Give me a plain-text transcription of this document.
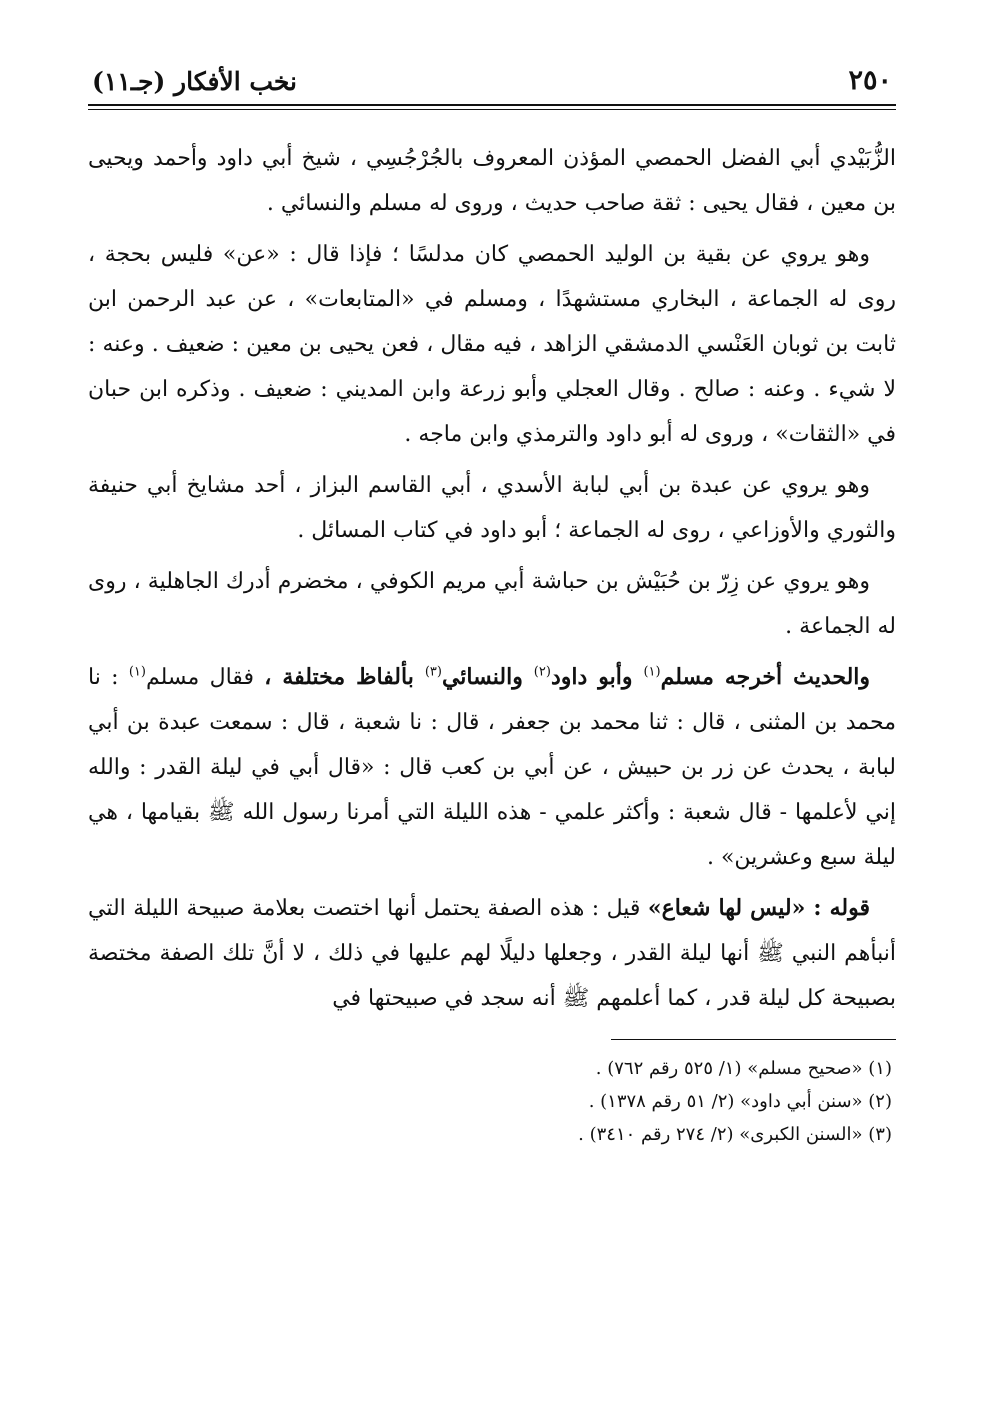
٢٥٠
نخب الأفكار (جـ١١)

الزُّبَيْدي أبي الفضل الحمصي المؤذن المعروف بالجُرْجُسِي ، شيخ أبي داود وأحمد ويحيى بن معين ، فقال يحيى : ثقة صاحب حديث ، وروى له مسلم والنسائي .

وهو يروي عن بقية بن الوليد الحمصي كان مدلسًا ؛ فإذا قال : «عن» فليس بحجة ، روى له الجماعة ، البخاري مستشهدًا ، ومسلم في «المتابعات» ، عن عبد الرحمن ابن ثابت بن ثوبان العَنْسي الدمشقي الزاهد ، فيه مقال ، فعن يحيى بن معين : ضعيف . وعنه : لا شيء . وعنه : صالح . وقال العجلي وأبو زرعة وابن المديني : ضعيف . وذكره ابن حبان في «الثقات» ، وروى له أبو داود والترمذي وابن ماجه .

وهو يروي عن عبدة بن أبي لبابة الأسدي ، أبي القاسم البزاز ، أحد مشايخ أبي حنيفة والثوري والأوزاعي ، روى له الجماعة ؛ أبو داود في كتاب المسائل .

وهو يروي عن زِرّ بن حُبَيْش بن حباشة أبي مريم الكوفي ، مخضرم أدرك الجاهلية ، روى له الجماعة .

والحديث أخرجه مسلم$^{(١)}$ وأبو داود$^{(٢)}$ والنسائي$^{(٣)}$ بألفاظ مختلفة ، فقال مسلم$^{(١)}$ : نا محمد بن المثنى ، قال : ثنا محمد بن جعفر ، قال : نا شعبة ، قال : سمعت عبدة بن أبي لبابة ، يحدث عن زر بن حبيش ، عن أبي بن كعب قال : «قال أبي في ليلة القدر : والله إني لأعلمها - قال شعبة : وأكثر علمي - هذه الليلة التي أمرنا رسول الله ﷺ بقيامها ، هي ليلة سبع وعشرين» .

قوله : «ليس لها شعاع» قيل : هذه الصفة يحتمل أنها اختصت بعلامة صبيحة الليلة التي أنبأهم النبي ﷺ أنها ليلة القدر ، وجعلها دليلًا لهم عليها في ذلك ، لا أنَّ تلك الصفة مختصة بصبيحة كل ليلة قدر ، كما أعلمهم ﷺ أنه سجد في صبيحتها في

(١) «صحيح مسلم» (١/ ٥٢٥ رقم ٧٦٢) .
(٢) «سنن أبي داود» (٢/ ٥١ رقم ١٣٧٨) .
(٣) «السنن الكبرى» (٢/ ٢٧٤ رقم ٣٤١٠) .
